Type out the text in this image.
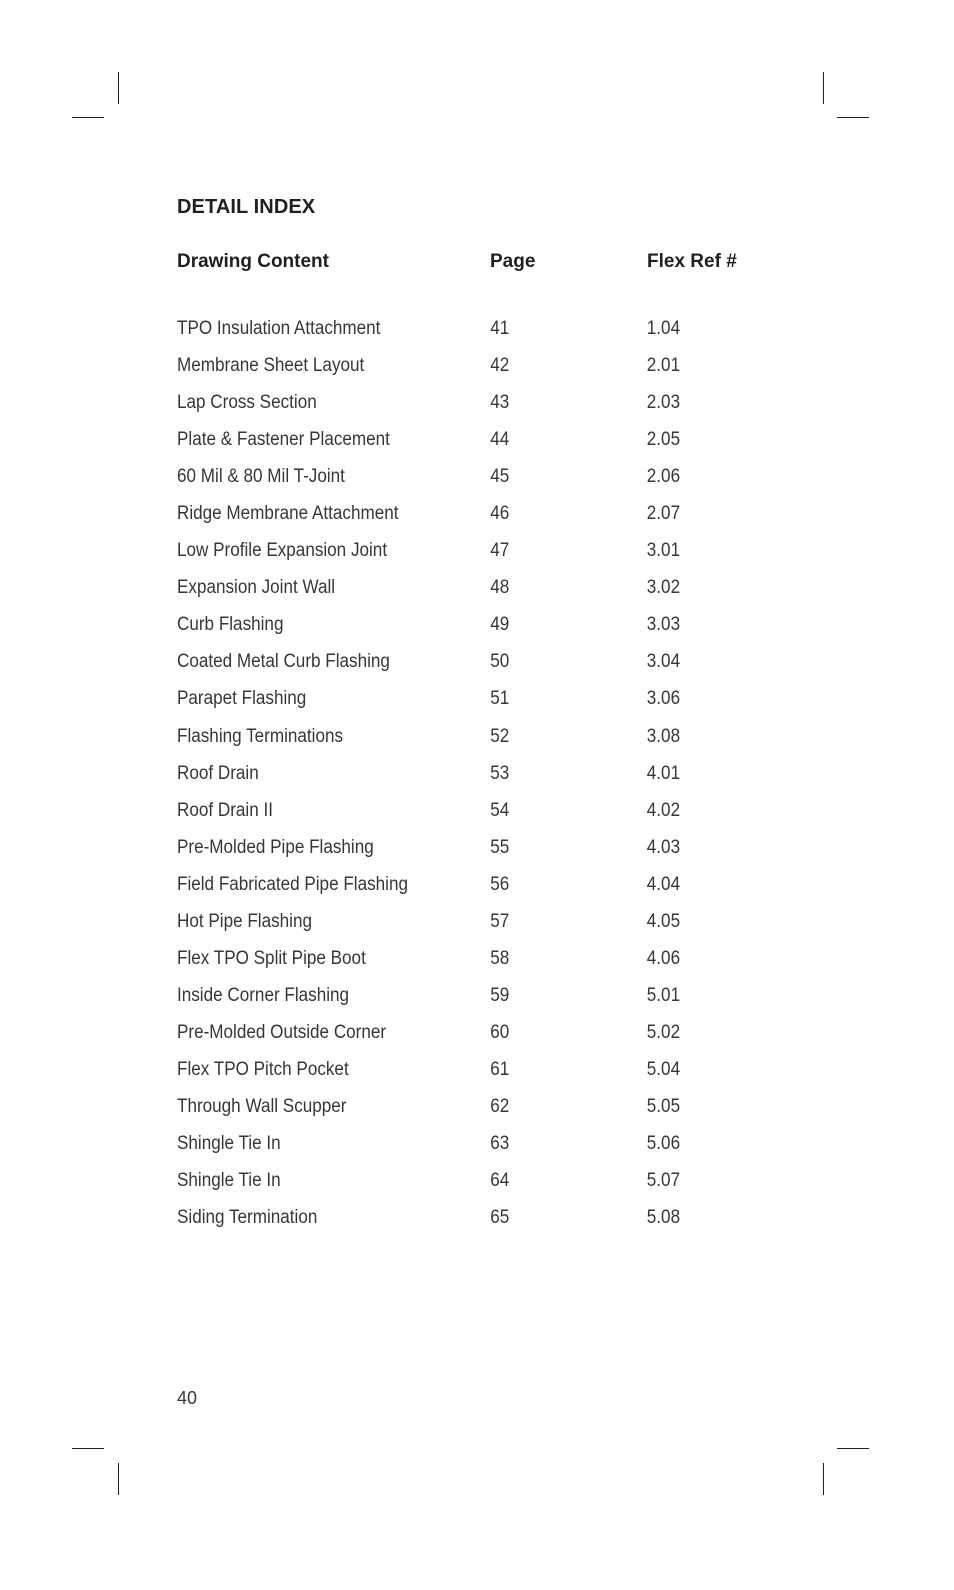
DETAIL INDEX
Drawing Content	Page	Flex Ref #
TPO Insulation Attachment	41	1.04
Membrane Sheet Layout	42	2.01
Lap Cross Section	43	2.03
Plate & Fastener Placement	44	2.05
60 Mil & 80 Mil T-Joint	45	2.06
Ridge Membrane Attachment	46	2.07
Low Profile Expansion Joint	47	3.01
Expansion Joint Wall	48	3.02
Curb Flashing	49	3.03
Coated Metal Curb Flashing	50	3.04
Parapet Flashing	51	3.06
Flashing Terminations	52	3.08
Roof Drain	53	4.01
Roof Drain II	54	4.02
Pre-Molded Pipe Flashing	55	4.03
Field Fabricated Pipe Flashing	56	4.04
Hot Pipe Flashing	57	4.05
Flex TPO Split Pipe Boot	58	4.06
Inside Corner Flashing	59	5.01
Pre-Molded Outside Corner	60	5.02
Flex TPO Pitch Pocket	61	5.04
Through Wall Scupper	62	5.05
Shingle Tie In	63	5.06
Shingle Tie In	64	5.07
Siding Termination	65	5.08

40
